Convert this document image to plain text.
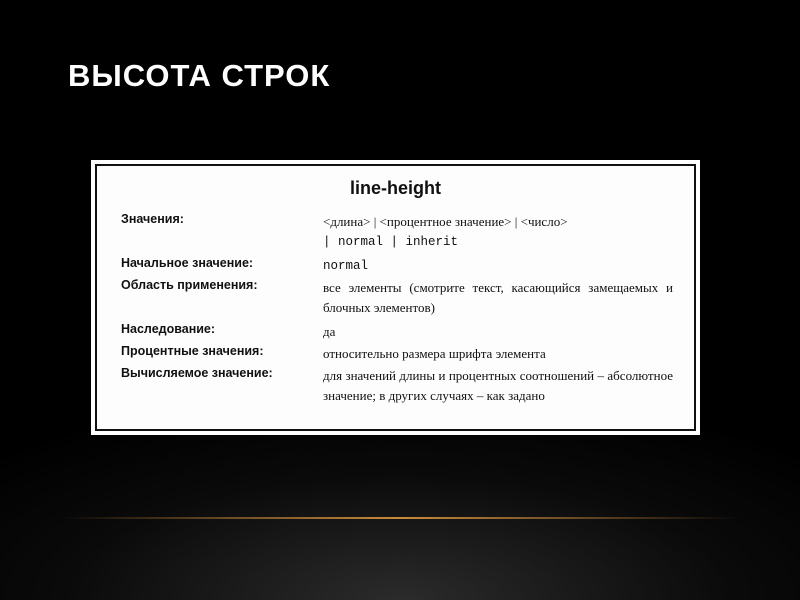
ВЫСОТА СТРОК
line-height
Значения:	<длина> | <процентное значение> | <число>
| normal | inherit
Начальное значение:	normal
Область применения:	все элементы (смотрите текст, касающийся замещаемых и блочных элементов)
Наследование:	да
Процентные значения:	относительно размера шрифта элемента
Вычисляемое значение:	для значений длины и процентных соотношений – абсолютное значение; в других случаях – как задано
